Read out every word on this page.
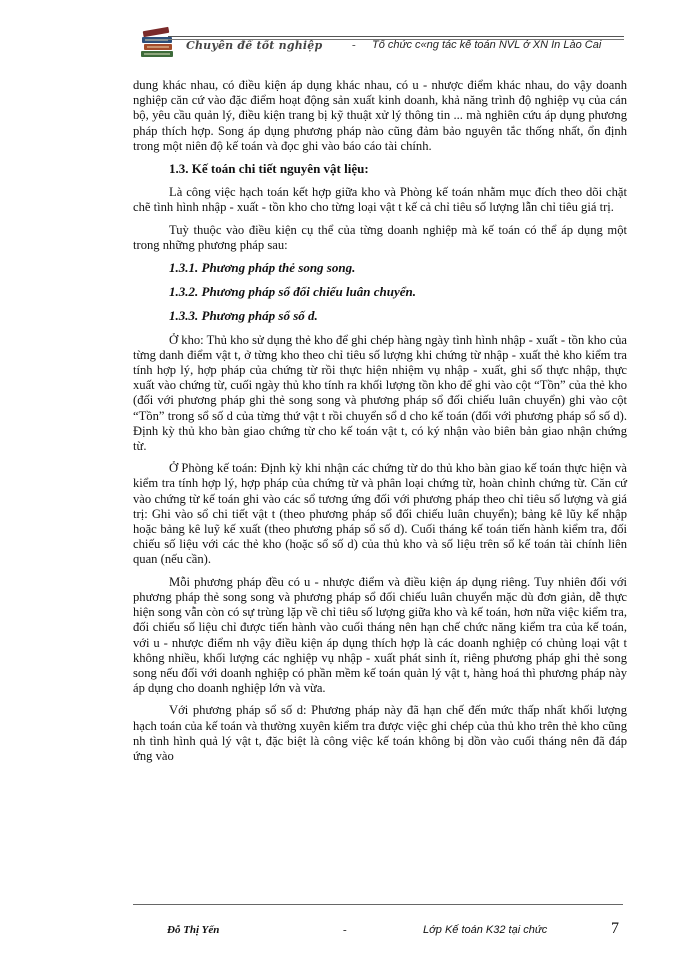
Chuyên đề tốt nghiệp	- Tổ chức c«ng tác kế toán NVL ở XN In Lào Cai

dung khác nhau, có điều kiện áp dụng khác nhau, có u - nhược điểm khác nhau, do vậy doanh nghiệp căn cứ vào đặc điểm hoạt động sản xuất kinh doanh, khả năng trình độ nghiệp vụ của cán bộ, yêu cầu quản lý, điều kiện trang bị kỹ thuật xử lý thông tin ... mà nghiên cứu áp dụng phương pháp thích hợp. Song áp dụng phương pháp nào cũng đảm bảo nguyên tắc thống nhất, ổn định trong một niên độ kế toán và đọc ghi vào báo cáo tài chính.

1.3. Kế toán chi tiết nguyên vật liệu:

Là công việc hạch toán kết hợp giữa kho và Phòng kế toán nhằm mục đích theo dõi chặt chẽ tình hình nhập - xuất - tồn kho cho từng loại vật t kế cả chỉ tiêu số lượng lẫn chỉ tiêu giá trị.

Tuỳ thuộc vào điều kiện cụ thể của từng doanh nghiệp mà kế toán có thể áp dụng một trong những phương pháp sau:

1.3.1. Phương pháp thẻ song song.
1.3.2. Phương pháp sổ đối chiếu luân chuyển.
1.3.3. Phương pháp sổ số d.

Ở kho: Thủ kho sử dụng thẻ kho để ghi chép hàng ngày tình hình nhập - xuất - tồn kho của từng danh điểm vật t, ở từng kho theo chỉ tiêu số lượng khi chứng từ nhập - xuất thẻ kho kiểm tra tính hợp lý, hợp pháp của chứng từ rồi thực hiện nhiệm vụ nhập - xuất, ghi số thực nhập, thực xuất vào chứng từ, cuối ngày thủ kho tính ra khối lượng tồn kho để ghi vào cột “Tồn” của thẻ kho (đối với phương pháp ghi thẻ song song và phương pháp sổ đối chiếu luân chuyển) ghi vào cột “Tồn” trong sổ số d của từng thứ vật t rồi chuyển sổ d cho kế toán (đối với phương pháp sổ số d). Định kỳ thủ kho bàn giao chứng từ cho kế toán vật t, có ký nhận vào biên bản giao nhận chứng từ.

Ở Phòng kế toán: Định kỳ khi nhận các chứng từ do thủ kho bàn giao kế toán thực hiện và kiểm tra tính hợp lý, hợp pháp của chứng từ và phân loại chứng từ, hoàn chỉnh chứng từ. Căn cứ vào chứng từ kế toán ghi vào các sổ tương ứng đối với phương pháp theo chỉ tiêu số lượng và giá trị: Ghi vào sổ chi tiết vật t (theo phương pháp sổ đối chiếu luân chuyển); bảng kê lũy kế nhập hoặc bảng kê luỹ kế xuất (theo phương pháp sổ số d). Cuối tháng kế toán tiến hành kiểm tra, đối chiếu số liệu với các thẻ kho (hoặc sổ số d) của thủ kho và số liệu trên sổ kế toán tài chính liên quan (nếu cần).

Mỗi phương pháp đều có u - nhược điểm và điều kiện áp dụng riêng. Tuy nhiên đối với phương pháp thẻ song song và phương pháp sổ đối chiếu luân chuyển mặc dù đơn giản, dễ thực hiện song vẫn còn có sự trùng lặp về chỉ tiêu số lượng giữa kho và kế toán, hơn nữa việc kiểm tra, đối chiếu số liệu chỉ được tiến hành vào cuối tháng nên hạn chế chức năng kiểm tra của kế toán, với u - nhược điểm nh vậy điều kiện áp dụng thích hợp là các doanh nghiệp có chủng loại vật t không nhiều, khối lượng các nghiệp vụ nhập - xuất phát sinh ít, riêng phương pháp ghi thẻ song song nếu đối với doanh nghiệp có phần mềm kế toán quản lý vật t, hàng hoá thì phương pháp này áp dụng cho doanh nghiệp lớn và vừa.

Với phương pháp sổ số d: Phương pháp này đã hạn chế đến mức thấp nhất khối lượng hạch toán của kế toán và thường xuyên kiểm tra được việc ghi chép của thủ kho trên thẻ kho cũng nh tình hình quả lý vật t, đặc biệt là công việc kế toán không bị dồn vào cuối tháng nên đã đáp ứng vào

Đỗ Thị Yến	-	Lớp Kế toán K32 tại chức	7
